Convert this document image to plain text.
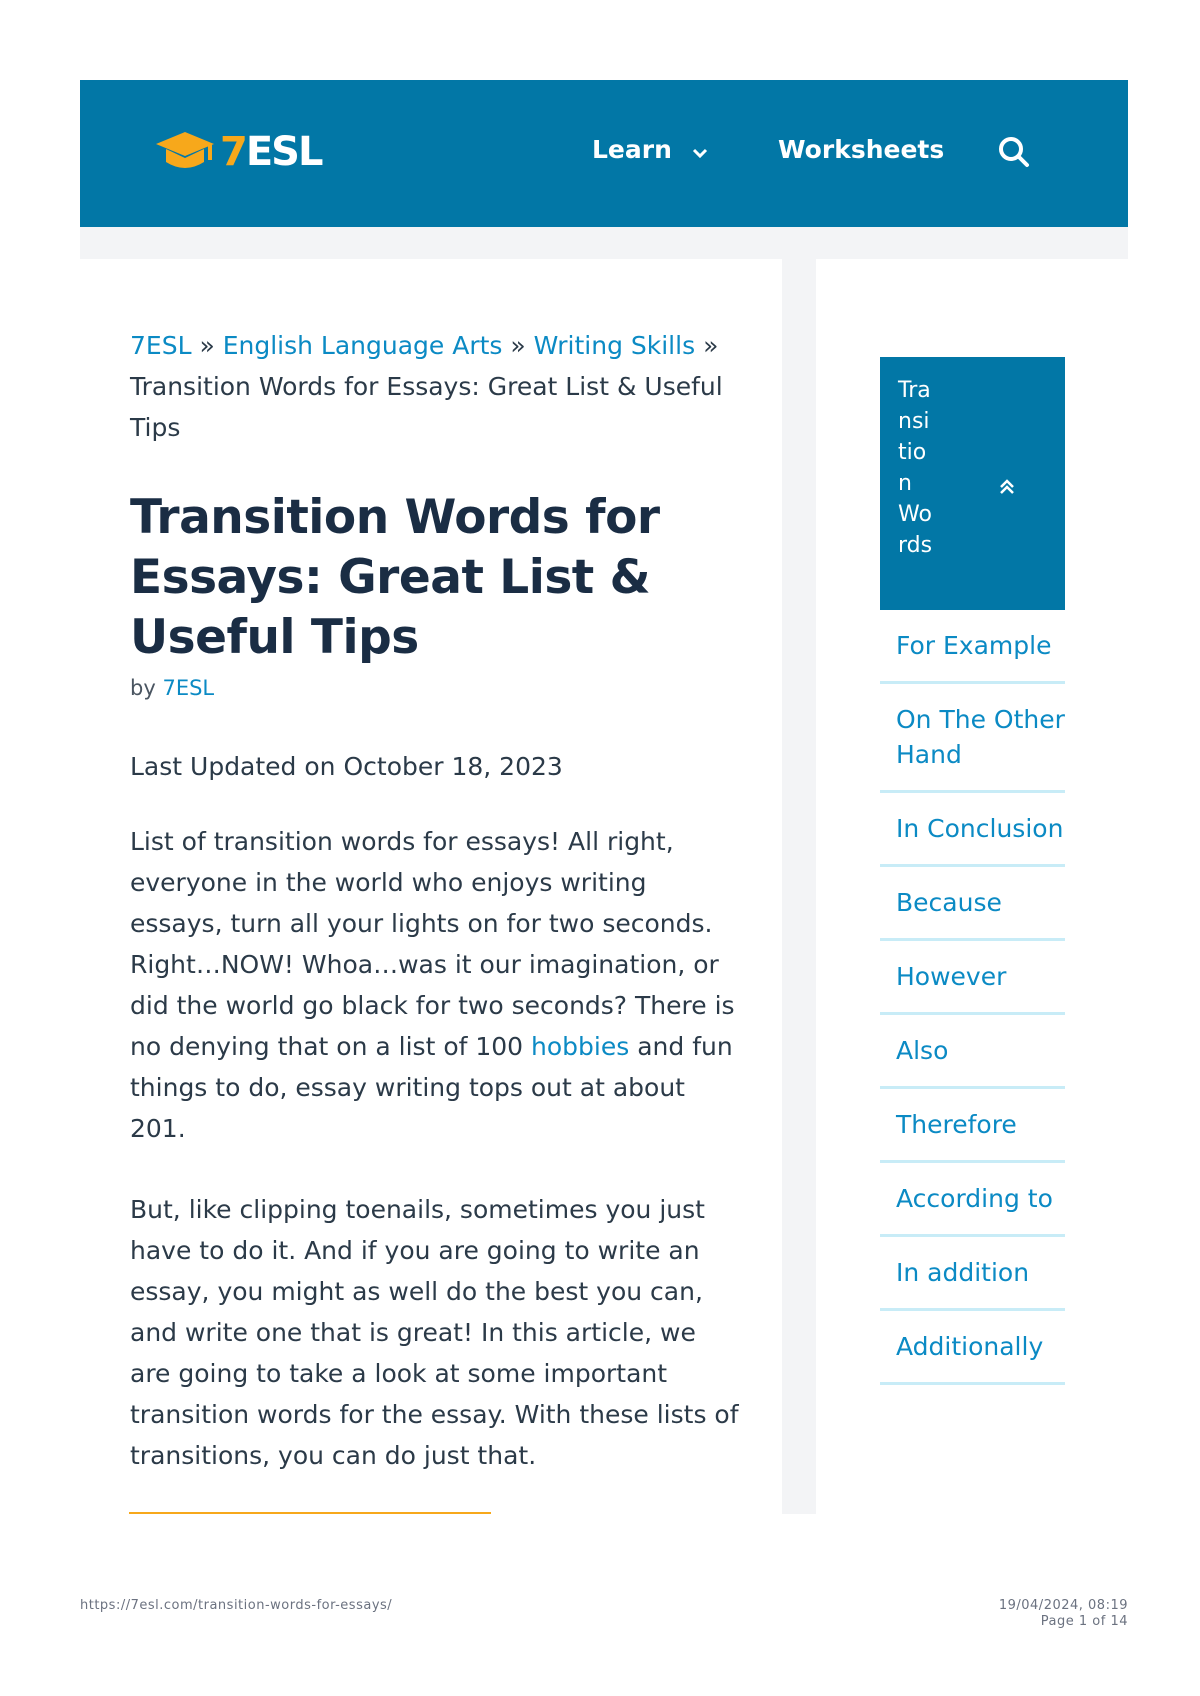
7ESL	Learn	Worksheets
7ESL » English Language Arts » Writing Skills » Transition Words for Essays: Great List & Useful Tips
Transition Words for Essays: Great List & Useful Tips
by 7ESL
Last Updated on October 18, 2023

List of transition words for essays! All right, everyone in the world who enjoys writing essays, turn all your lights on for two seconds. Right…NOW! Whoa…was it our imagination, or did the world go black for two seconds? There is no denying that on a list of 100 hobbies and fun things to do, essay writing tops out at about 201.

But, like clipping toenails, sometimes you just have to do it. And if you are going to write an essay, you might as well do the best you can, and write one that is great! In this article, we are going to take a look at some important transition words for the essay. With these lists of transitions, you can do just that.

Transition Words
For Example
On The Other Hand
In Conclusion
Because
However
Also
Therefore
According to
In addition
Additionally
https://7esl.com/transition-words-for-essays/	19/04/2024, 08:19
Page 1 of 14
